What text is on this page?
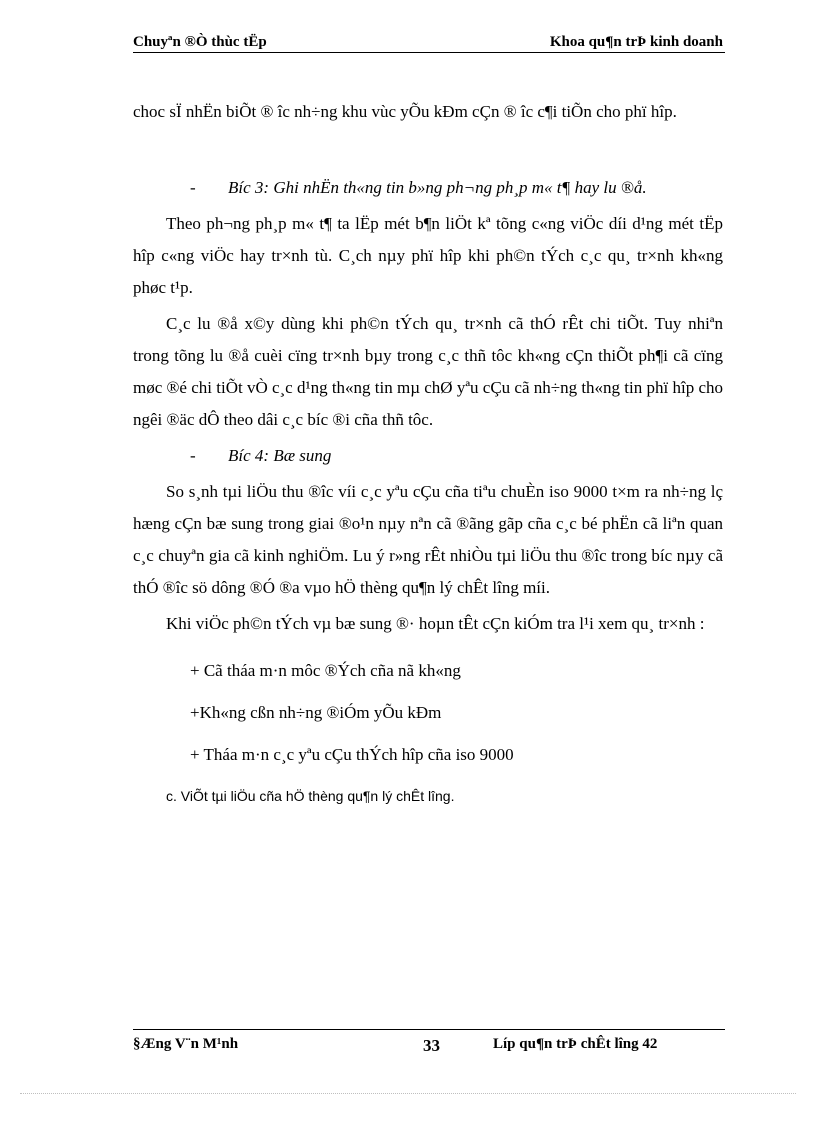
Chuyªn ®Ò thùc tËp	Khoa qu¶n trÞ kinh doanh

choc sÏ nhËn biÕt ® îc nh÷ng khu vùc yÕu kÐm cÇn ® îc c¶i tiÕn cho phï hîp.

- Bíc 3: Ghi nhËn th«ng tin b»ng ph¬ng ph¸p m« t¶ hay lu ®å.

Theo ph¬ng ph¸p m« t¶ ta lËp mét b¶n liÖt kª tõng c«ng viÖc díi d¹ng mét tËp hîp c«ng viÖc hay tr×nh tù. C¸ch nµy phï hîp khi ph©n tÝch c¸c qu¸ tr×nh kh«ng phøc t¹p.

C¸c lu ®å x©y dùng khi ph©n tÝch qu¸ tr×nh cã thÓ rÊt chi tiÕt. Tuy nhiªn trong tõng lu ®å cuèi cïng tr×nh bµy trong c¸c thñ tôc kh«ng cÇn thiÕt ph¶i cã cïng møc ®é chi tiÕt vÒ c¸c d¹ng th«ng tin mµ chØ yªu cÇu cã nh÷ng th«ng tin phï hîp cho ngêi ®äc dÔ theo dâi c¸c bíc ®i cña thñ tôc.

- Bíc 4: Bæ sung

So s¸nh tµi liÖu thu ®îc víi c¸c yªu cÇu cña tiªu chuÈn iso 9000 t×m ra nh÷ng lç hæng cÇn bæ sung trong giai ®o¹n nµy nªn cã ®ãng gãp cña c¸c bé phËn cã liªn quan c¸c chuyªn gia cã kinh nghiÖm. Lu ý r»ng rÊt nhiÒu tµi liÖu thu ®îc trong bíc nµy cã thÓ ®îc sö dông ®Ó ®a vµo hÖ thèng qu¶n lý chÊt lîng míi.

Khi viÖc ph©n tÝch vµ bæ sung ®· hoµn tÊt cÇn kiÓm tra l¹i xem qu¸ tr×nh :

+ Cã tháa m·n môc ®Ých cña nã kh«ng

+Kh«ng cßn nh÷ng ®iÓm yÕu kÐm

+ Tháa m·n c¸c yªu cÇu thÝch hîp cña iso 9000

c. ViÕt tµi liÖu cña hÖ thèng qu¶n lý chÊt lîng.

§Æng V¨n M¹nh	33	Líp qu¶n trÞ chÊt lîng 42
